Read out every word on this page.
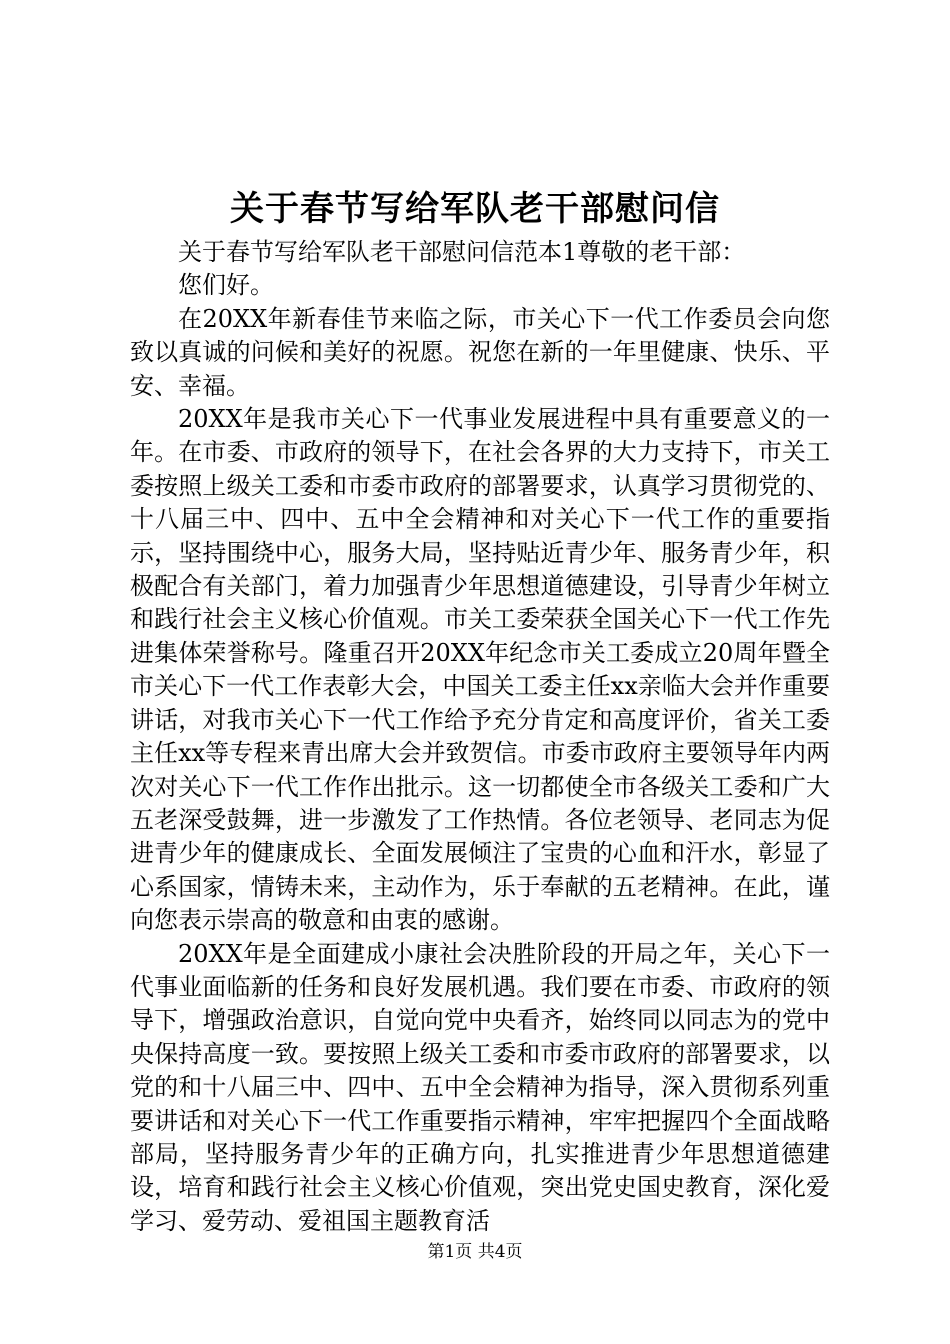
关于春节写给军队老干部慰问信

关于春节写给军队老干部慰问信范本1尊敬的老干部：

您们好。

在20XX年新春佳节来临之际，市关心下一代工作委员会向您致以真诚的问候和美好的祝愿。祝您在新的一年里健康、快乐、平安、幸福。

20XX年是我市关心下一代事业发展进程中具有重要意义的一年。在市委、市政府的领导下，在社会各界的大力支持下，市关工委按照上级关工委和市委市政府的部署要求，认真学习贯彻党的、十八届三中、四中、五中全会精神和对关心下一代工作的重要指示，坚持围绕中心，服务大局，坚持贴近青少年、服务青少年，积极配合有关部门，着力加强青少年思想道德建设，引导青少年树立和践行社会主义核心价值观。市关工委荣获全国关心下一代工作先进集体荣誉称号。隆重召开20XX年纪念市关工委成立20周年暨全市关心下一代工作表彰大会，中国关工委主任xx亲临大会并作重要讲话，对我市关心下一代工作给予充分肯定和高度评价，省关工委主任xx等专程来青出席大会并致贺信。市委市政府主要领导年内两次对关心下一代工作作出批示。这一切都使全市各级关工委和广大五老深受鼓舞，进一步激发了工作热情。各位老领导、老同志为促进青少年的健康成长、全面发展倾注了宝贵的心血和汗水，彰显了心系国家，情铸未来，主动作为，乐于奉献的五老精神。在此，谨向您表示崇高的敬意和由衷的感谢。

20XX年是全面建成小康社会决胜阶段的开局之年，关心下一代事业面临新的任务和良好发展机遇。我们要在市委、市政府的领导下，增强政治意识，自觉向党中央看齐，始终同以同志为的党中央保持高度一致。要按照上级关工委和市委市政府的部署要求，以党的和十八届三中、四中、五中全会精神为指导，深入贯彻系列重要讲话和对关心下一代工作重要指示精神，牢牢把握四个全面战略部局，坚持服务青少年的正确方向，扎实推进青少年思想道德建设，培育和践行社会主义核心价值观，突出党史国史教育，深化爱学习、爱劳动、爱祖国主题教育活

第1页 共4页
